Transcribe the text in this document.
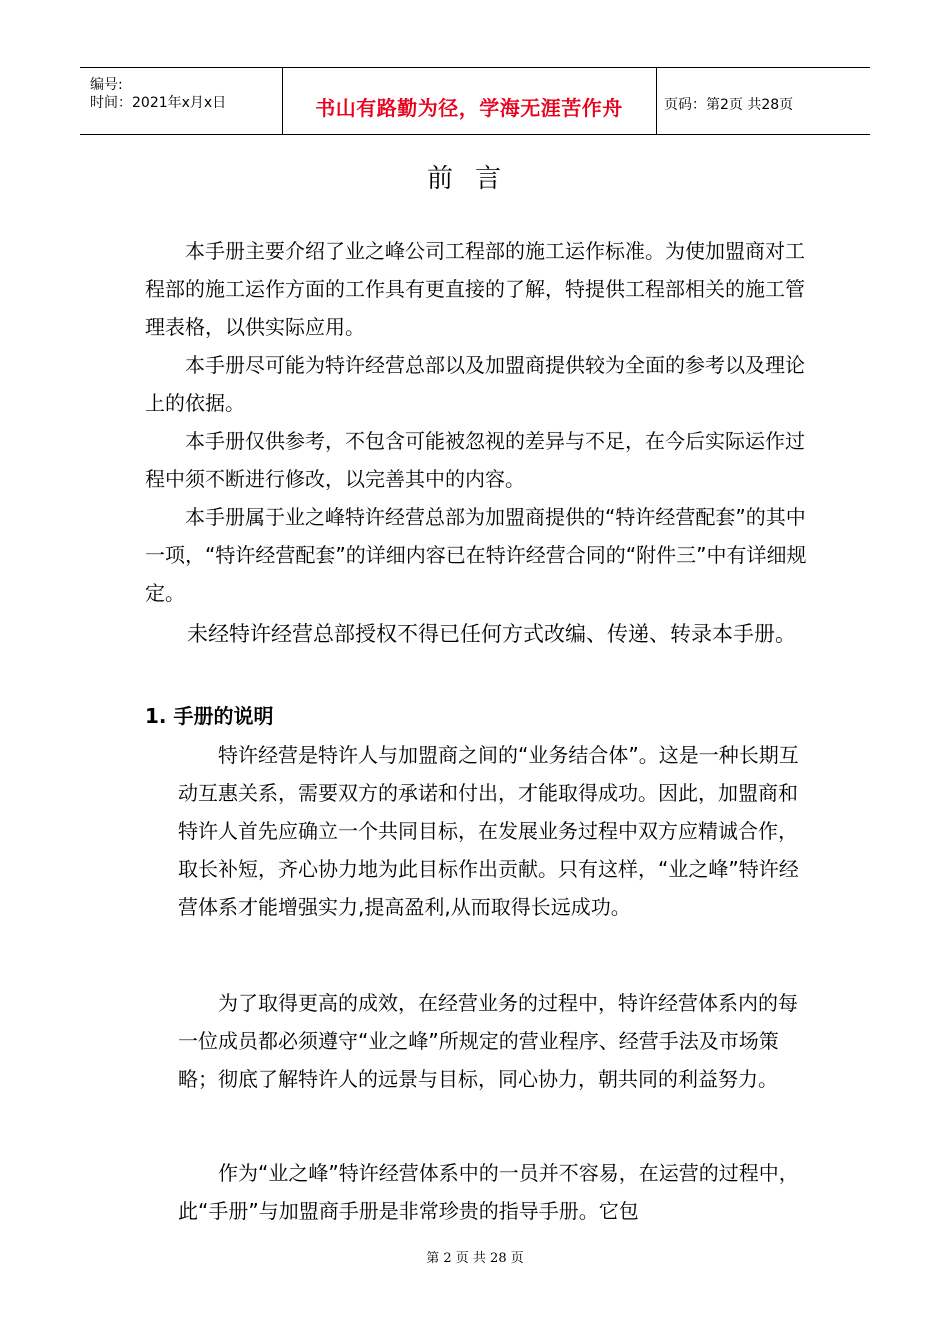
编号:
时间：2021年x月x日	书山有路勤为径，学海无涯苦作舟	页码：第2页 共28页
前言

本手册主要介绍了业之峰公司工程部的施工运作标准。为使加盟商对工程部的施工运作方面的工作具有更直接的了解，特提供工程部相关的施工管理表格，以供实际应用。

本手册尽可能为特许经营总部以及加盟商提供较为全面的参考以及理论上的依据。

本手册仅供参考，不包含可能被忽视的差异与不足，在今后实际运作过程中须不断进行修改，以完善其中的内容。

本手册属于业之峰特许经营总部为加盟商提供的“特许经营配套”的其中一项，“特许经营配套”的详细内容已在特许经营合同的“附件三”中有详细规定。

未经特许经营总部授权不得已任何方式改编、传递、转录本手册。

1. 手册的说明

特许经营是特许人与加盟商之间的“业务结合体”。这是一种长期互动互惠关系，需要双方的承诺和付出，才能取得成功。因此，加盟商和特许人首先应确立一个共同目标，在发展业务过程中双方应精诚合作，取长补短，齐心协力地为此目标作出贡献。只有这样，“业之峰”特许经营体系才能增强实力,提高盈利,从而取得长远成功。

为了取得更高的成效，在经营业务的过程中，特许经营体系内的每一位成员都必须遵守“业之峰”所规定的营业程序、经营手法及市场策略；彻底了解特许人的远景与目标，同心协力，朝共同的利益努力。

作为“业之峰”特许经营体系中的一员并不容易，在运营的过程中，此“手册”与加盟商手册是非常珍贵的指导手册。它包

第 2 页 共 28 页
